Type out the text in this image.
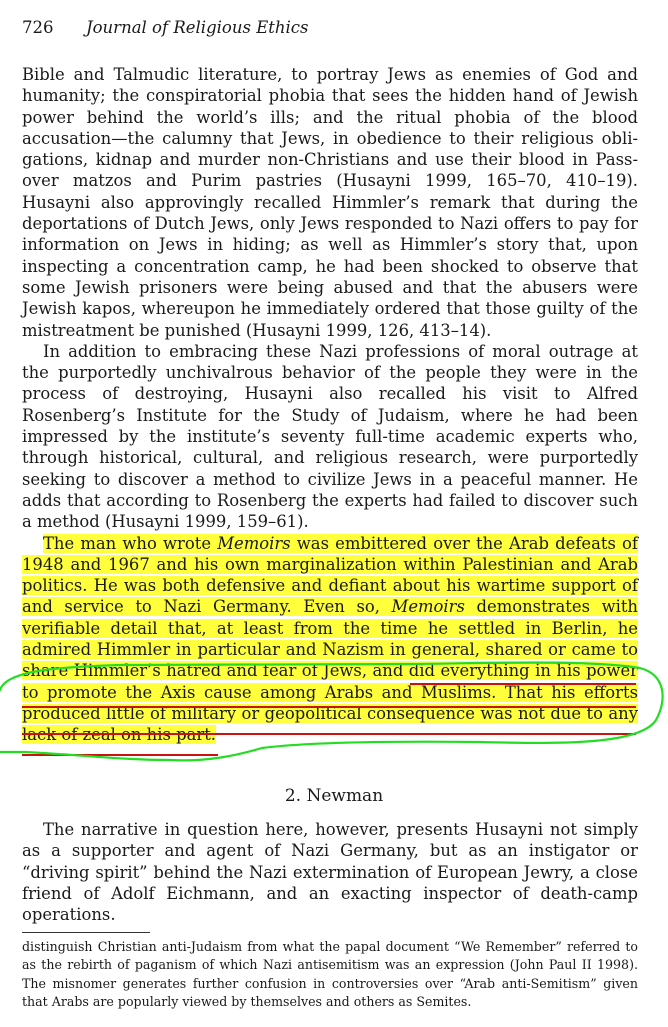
726 Journal of Religious Ethics

Bible and Talmudic literature, to portray Jews as enemies of God and humanity; the conspiratorial phobia that sees the hidden hand of Jewish power behind the world’s ills; and the ritual phobia of the blood accusation—the calumny that Jews, in obedience to their religious obligations, kidnap and murder non-Christians and use their blood in Passover matzos and Purim pastries (Husayni 1999, 165–70, 410–19). Husayni also approvingly recalled Himmler’s remark that during the deportations of Dutch Jews, only Jews responded to Nazi offers to pay for information on Jews in hiding; as well as Himmler’s story that, upon inspecting a concentration camp, he had been shocked to observe that some Jewish prisoners were being abused and that the abusers were Jewish kapos, whereupon he immediately ordered that those guilty of the mistreatment be punished (Husayni 1999, 126, 413–14).

In addition to embracing these Nazi professions of moral outrage at the purportedly unchivalrous behavior of the people they were in the process of destroying, Husayni also recalled his visit to Alfred Rosenberg’s Institute for the Study of Judaism, where he had been impressed by the institute’s seventy full-time academic experts who, through historical, cultural, and religious research, were purportedly seeking to discover a method to civilize Jews in a peaceful manner. He adds that according to Rosenberg the experts had failed to discover such a method (Husayni 1999, 159–61).

The man who wrote Memoirs was embittered over the Arab defeats of 1948 and 1967 and his own marginalization within Palestinian and Arab politics. He was both defensive and defiant about his wartime support of and service to Nazi Germany. Even so, Memoirs demonstrates with verifiable detail that, at least from the time he settled in Berlin, he admired Himmler in particular and Nazism in general, shared or came to share Himmler’s hatred and fear of Jews, and did everything in his power to promote the Axis cause among Arabs and Muslims. That his efforts produced little of military or geopolitical consequence was not due to any lack of zeal on his part.

2. Newman

The narrative in question here, however, presents Husayni not simply as a supporter and agent of Nazi Germany, but as an instigator or “driving spirit” behind the Nazi extermination of European Jewry, a close friend of Adolf Eichmann, and an exacting inspector of death-camp operations.

distinguish Christian anti-Judaism from what the papal document “We Remember” referred to as the rebirth of paganism of which Nazi antisemitism was an expression (John Paul II 1998). The misnomer generates further confusion in controversies over “Arab anti-Semitism” given that Arabs are popularly viewed by themselves and others as Semites.
